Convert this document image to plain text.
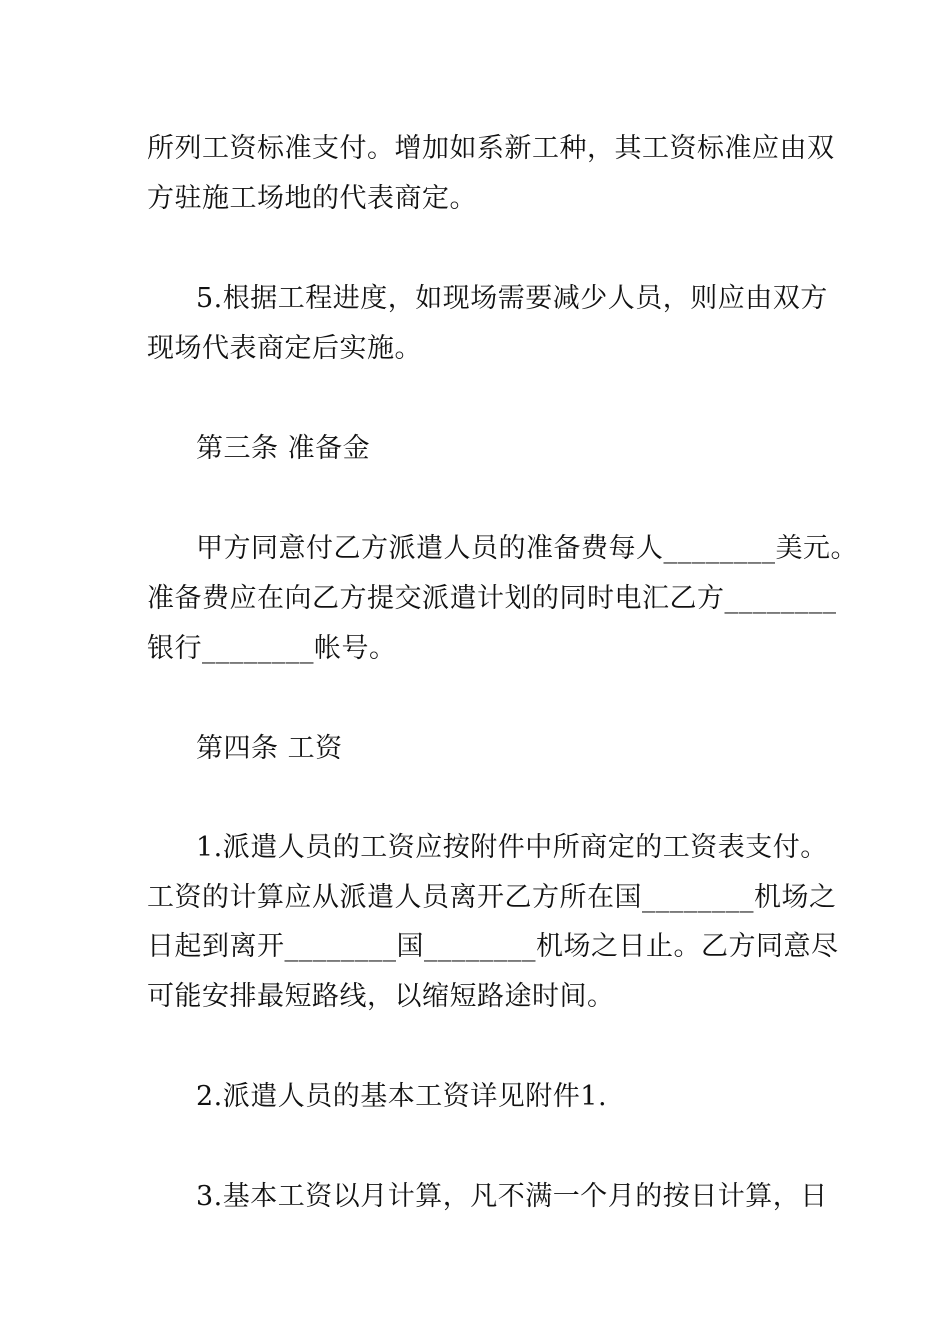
所列工资标准支付。增加如系新工种，其工资标准应由双
方驻施工场地的代表商定。
5.根据工程进度，如现场需要减少人员，则应由双方
现场代表商定后实施。
第三条 准备金
甲方同意付乙方派遣人员的准备费每人________美元。
准备费应在向乙方提交派遣计划的同时电汇乙方________
银行________帐号。
第四条 工资
1.派遣人员的工资应按附件中所商定的工资表支付。
工资的计算应从派遣人员离开乙方所在国________机场之
日起到离开________国________机场之日止。乙方同意尽
可能安排最短路线，以缩短路途时间。
2.派遣人员的基本工资详见附件1.
3.基本工资以月计算，凡不满一个月的按日计算，日
